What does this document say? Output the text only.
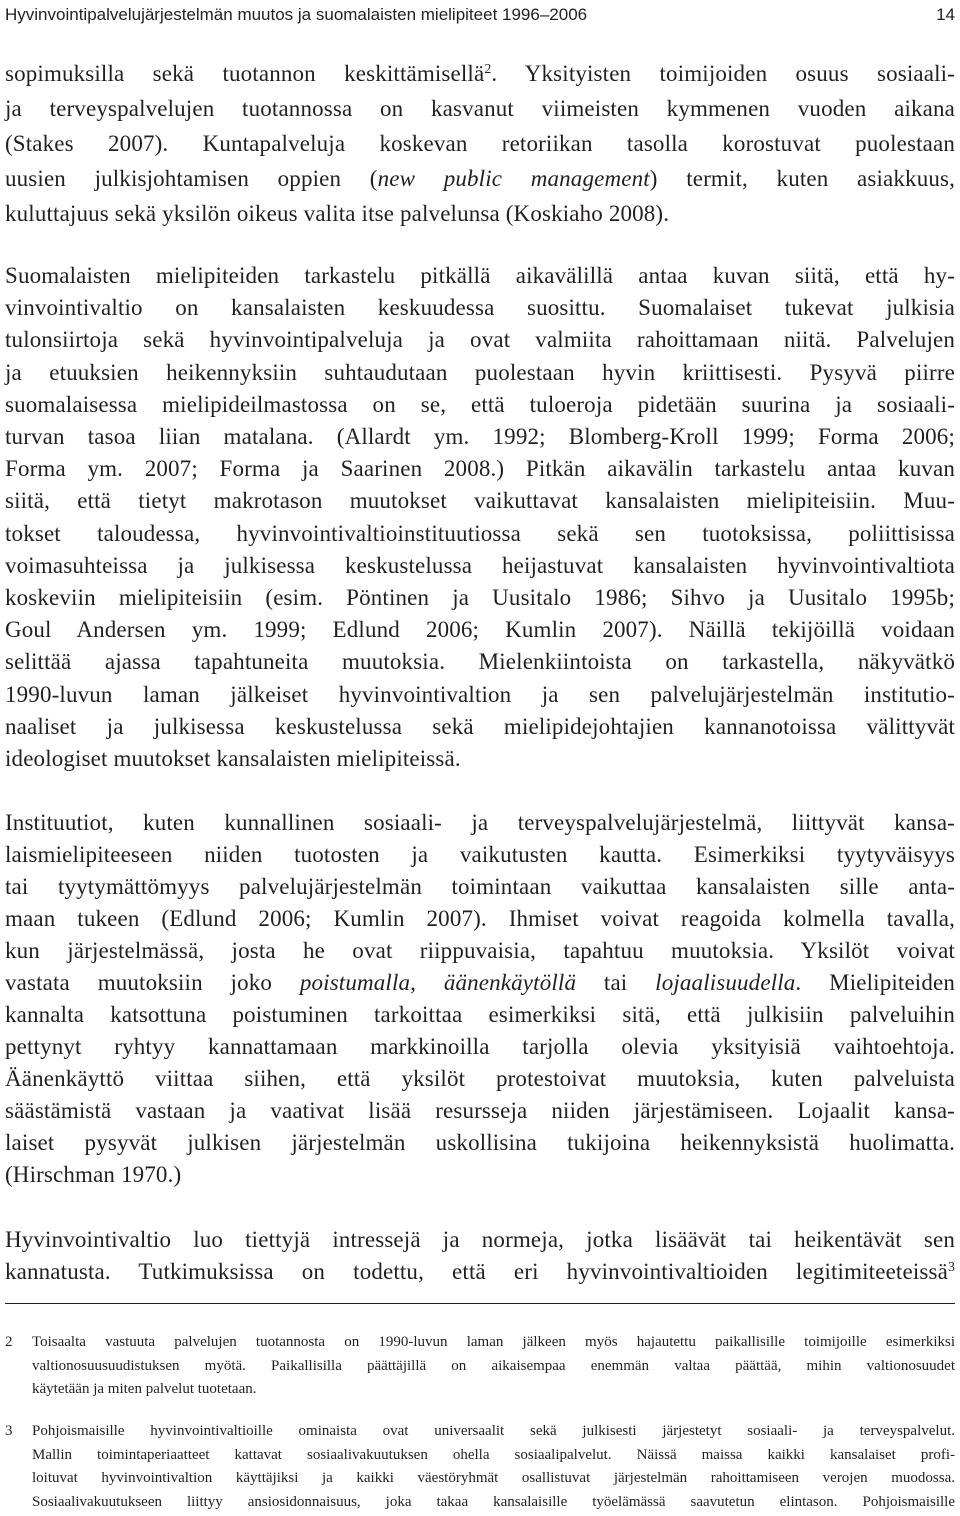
Hyvinvointipalvelujärjestelmän muutos ja suomalaisten mielipiteet 1996–2006	14
sopimuksilla sekä tuotannon keskittämisellä$^2$. Yksityisten toimijoiden osuus sosiaali-
ja terveyspalvelujen tuotannossa on kasvanut viimeisten kymmenen vuoden aikana
(Stakes 2007). Kuntapalveluja koskevan retoriikan tasolla korostuvat puolestaan
uusien julkisjohtamisen oppien (new public management) termit, kuten asiakkuus,
kuluttajuus sekä yksilön oikeus valita itse palvelunsa (Koskiaho 2008).
Suomalaisten mielipiteiden tarkastelu pitkällä aikavälillä antaa kuvan siitä, että hy-
vinvointivaltio on kansalaisten keskuudessa suosittu. Suomalaiset tukevat julkisia
tulonsiirtoja sekä hyvinvointipalveluja ja ovat valmiita rahoittamaan niitä. Palvelujen
ja etuuksien heikennyksiin suhtaudutaan puolestaan hyvin kriittisesti. Pysyvä piirre
suomalaisessa mielipideilmastossa on se, että tuloeroja pidetään suurina ja sosiaali-
turvan tasoa liian matalana. (Allardt ym. 1992; Blomberg-Kroll 1999; Forma 2006;
Forma ym. 2007; Forma ja Saarinen 2008.) Pitkän aikavälin tarkastelu antaa kuvan
siitä, että tietyt makrotason muutokset vaikuttavat kansalaisten mielipiteisiin. Muu-
tokset taloudessa, hyvinvointivaltioinstituutiossa sekä sen tuotoksissa, poliittisissa
voimasuhteissa ja julkisessa keskustelussa heijastuvat kansalaisten hyvinvointivaltiota
koskeviin mielipiteisiin (esim. Pöntinen ja Uusitalo 1986; Sihvo ja Uusitalo 1995b;
Goul Andersen ym. 1999; Edlund 2006; Kumlin 2007). Näillä tekijöillä voidaan
selittää ajassa tapahtuneita muutoksia. Mielenkiintoista on tarkastella, näkyvätkö
1990-luvun laman jälkeiset hyvinvointivaltion ja sen palvelujärjestelmän institutio-
naaliset ja julkisessa keskustelussa sekä mielipidejohtajien kannanotoissa välittyvät
ideologiset muutokset kansalaisten mielipiteissä.
Instituutiot, kuten kunnallinen sosiaali- ja terveyspalvelujärjestelmä, liittyvät kansa-
laismielipiteeseen niiden tuotosten ja vaikutusten kautta. Esimerkiksi tyytyväisyys
tai tyytymättömyys palvelujärjestelmän toimintaan vaikuttaa kansalaisten sille anta-
maan tukeen (Edlund 2006; Kumlin 2007). Ihmiset voivat reagoida kolmella tavalla,
kun järjestelmässä, josta he ovat riippuvaisia, tapahtuu muutoksia. Yksilöt voivat
vastata muutoksiin joko poistumalla, äänenkäytöllä tai lojaalisuudella. Mielipiteiden
kannalta katsottuna poistuminen tarkoittaa esimerkiksi sitä, että julkisiin palveluihin
pettynyt ryhtyy kannattamaan markkinoilla tarjolla olevia yksityisiä vaihtoehtoja.
Äänenkäyttö viittaa siihen, että yksilöt protestoivat muutoksia, kuten palveluista
säästämistä vastaan ja vaativat lisää resursseja niiden järjestämiseen. Lojaalit kansa-
laiset pysyvät julkisen järjestelmän uskollisina tukijoina heikennyksistä huolimatta.
(Hirschman 1970.)
Hyvinvointivaltio luo tiettyjä intressejä ja normeja, jotka lisäävät tai heikentävät sen
kannatusta. Tutkimuksissa on todettu, että eri hyvinvointivaltioiden legitimiteeteissä$^3$
2 Toisaalta vastuuta palvelujen tuotannosta on 1990-luvun laman jälkeen myös hajautettu paikallisille toimijoille esimerkiksi
valtionosuusuudistuksen myötä. Paikallisilla päättäjillä on aikaisempaa enemmän valtaa päättää, mihin valtionosuudet
käytetään ja miten palvelut tuotetaan.
3 Pohjoismaisille hyvinvointivaltioille ominaista ovat universaalit sekä julkisesti järjestetyt sosiaali- ja terveyspalvelut.
Mallin toimintaperiaatteet kattavat sosiaalivakuutuksen ohella sosiaalipalvelut. Näissä maissa kaikki kansalaiset profi-
loituvat hyvinvointivaltion käyttäjiksi ja kaikki väestöryhmät osallistuvat järjestelmän rahoittamiseen verojen muodossa.
Sosiaalivakuutukseen liittyy ansiosidonnaisuus, joka takaa kansalaisille työelämässä saavutetun elintason. Pohjoismaisille
